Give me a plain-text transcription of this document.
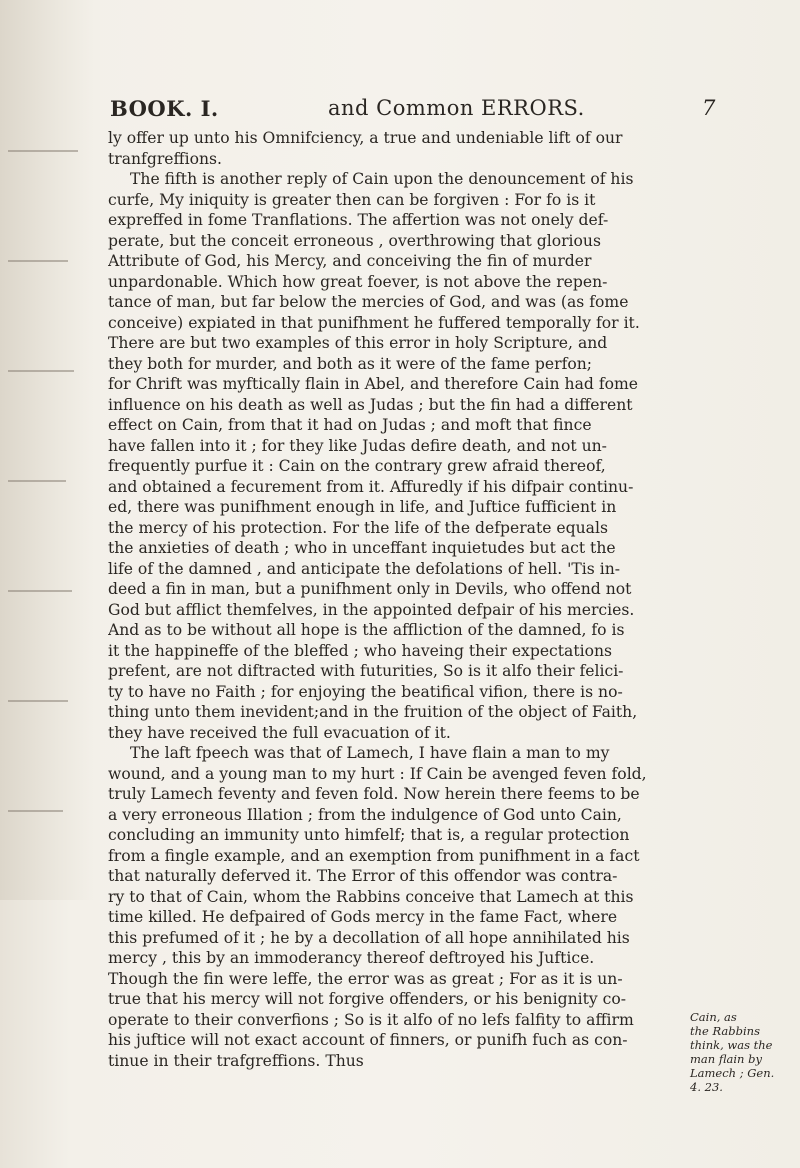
BOOK. I.	and Common ERRORS.	7
ly offer up unto his Omnifciency, a true and undeniable lift of our
tranfgreffions.
The fifth is another reply of Cain upon the denouncement of his
curfe, My iniquity is greater then can be forgiven : For fo is it
expreffed in fome Tranflations. The affertion was not onely def-
perate, but the conceit erroneous , overthrowing that glorious
Attribute of God, his Mercy, and conceiving the fin of murder
unpardonable. Which how great foever, is not above the repen-
tance of man, but far below the mercies of God, and was (as fome
conceive) expiated in that punifhment he fuffered temporally for it.
There are but two examples of this error in holy Scripture, and
they both for murder, and both as it were of the fame perfon;
for Chrift was myftically flain in Abel, and therefore Cain had fome
influence on his death as well as Judas ; but the fin had a different
effect on Cain, from that it had on Judas ; and moft that fince
have fallen into it ; for they like Judas defire death, and not un-
frequently purfue it : Cain on the contrary grew afraid thereof,
and obtained a fecurement from it. Affuredly if his difpair continu-
ed, there was punifhment enough in life, and Juftice fufficient in
the mercy of his protection. For the life of the defperate equals
the anxieties of death ; who in unceffant inquietudes but act the
life of the damned , and anticipate the defolations of hell. 'Tis in-
deed a fin in man, but a punifhment only in Devils, who offend not
God but afflict themfelves, in the appointed defpair of his mercies.
And as to be without all hope is the affliction of the damned, fo is
it the happineffe of the bleffed ; who haveing their expectations
prefent, are not diftracted with futurities, So is it alfo their felici-
ty to have no Faith ; for enjoying the beatifical vifion, there is no-
thing unto them inevident;and in the fruition of the object of Faith,
they have received the full evacuation of it.
The laft fpeech was that of Lamech, I have flain a man to my
wound, and a young man to my hurt : If Cain be avenged feven fold,
truly Lamech feventy and feven fold. Now herein there feems to be
a very erroneous Illation ; from the indulgence of God unto Cain,
concluding an immunity unto himfelf; that is, a regular protection
from a fingle example, and an exemption from punifhment in a fact
that naturally deferved it. The Error of this offendor was contra-
ry to that of Cain, whom the Rabbins conceive that Lamech at this
time killed. He defpaired of Gods mercy in the fame Fact, where
this prefumed of it ; he by a decollation of all hope annihilated his
mercy , this by an immoderancy thereof deftroyed his Juftice.
Though the fin were leffe, the error was as great ; For as it is un-
true that his mercy will not forgive offenders, or his benignity co-
operate to their converfions ; So is it alfo of no lefs falfity to affirm
his juftice will not exact account of finners, or punifh fuch as con-
tinue in their trafgreffions. Thus
Cain, as
the Rabbins
think, was the
man flain by
Lamech ; Gen.
4. 23.
